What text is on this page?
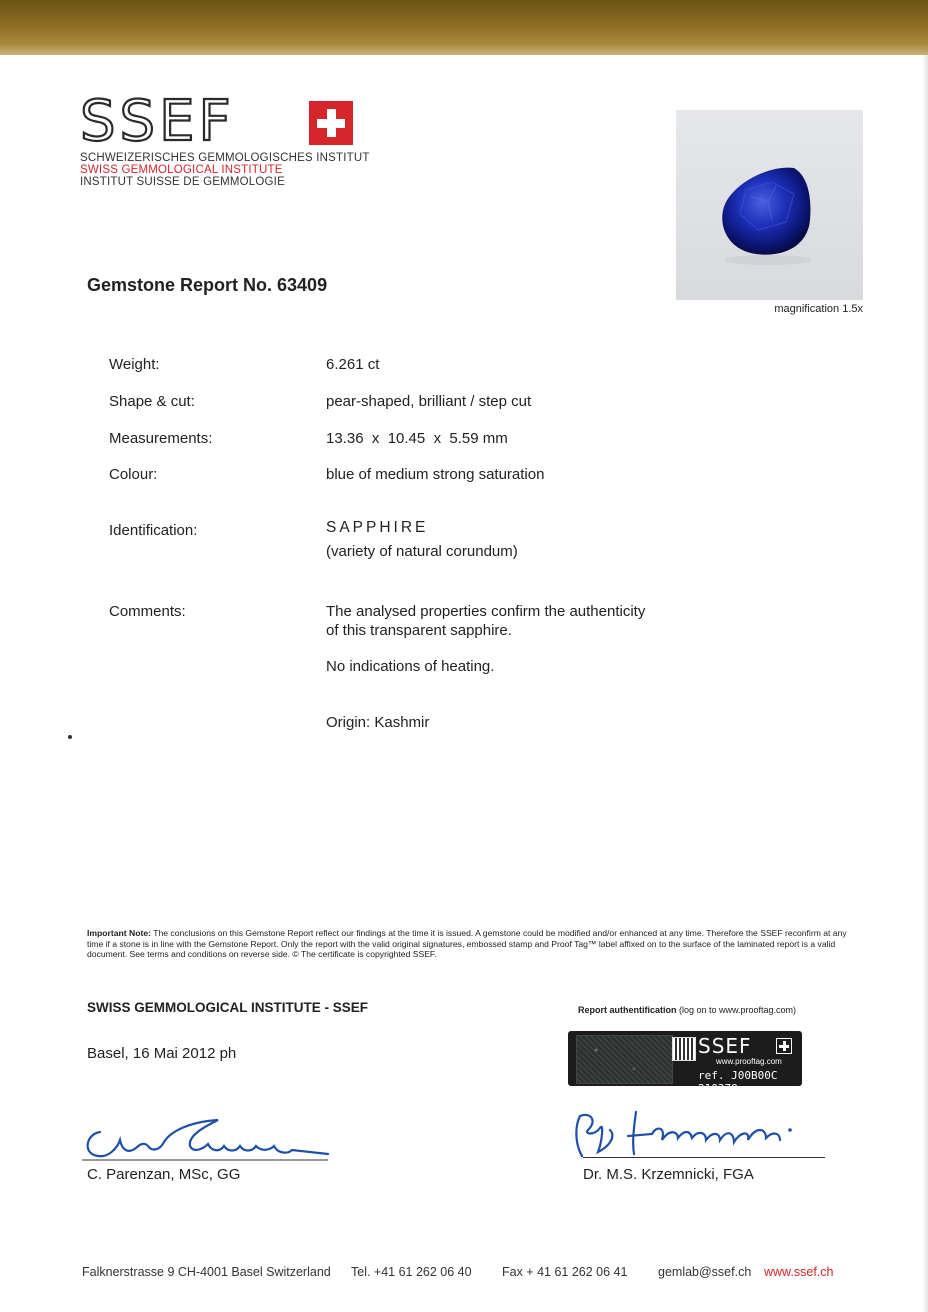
SSEF
SCHWEIZERISCHES GEMMOLOGISCHES INSTITUT
SWISS GEMMOLOGICAL INSTITUTE
INSTITUT SUISSE DE GEMMOLOGIE
magnification 1.5x
Gemstone Report No. 63409
Weight:	6.261 ct
Shape & cut:	pear-shaped, brilliant / step cut
Measurements:	13.36  x  10.45  x  5.59 mm
Colour:	blue of medium strong saturation
Identification:	SAPPHIRE
(variety of natural corundum)
Comments:	The analysed properties confirm the authenticity
of this transparent sapphire.
No indications of heating.
Origin: Kashmir
Important Note: The conclusions on this Gemstone Report reflect our findings at the time it is issued. A gemstone could be modified and/or enhanced at any time. Therefore the SSEF reconfirm at any time if a stone is in line with the Gemstone Report. Only the report with the valid original signatures, embossed stamp and Proof Tag™ label affixed on to the surface of the laminated report is a valid document. See terms and conditions on reverse side. © The certificate is copyrighted SSEF.
SWISS GEMMOLOGICAL INSTITUTE - SSEF
Basel, 16 Mai 2012 ph
Report authentification (log on to www.prooftag.com)
SSEF
www.prooftag.com
ref. J00B00C 210378
C. Parenzan, MSc, GG	Dr. M.S. Krzemnicki, FGA
Falknerstrasse 9 CH-4001 Basel Switzerland Tel. +41 61 262 06 40 Fax + 41 61 262 06 41 gemlab@ssef.ch www.ssef.ch
